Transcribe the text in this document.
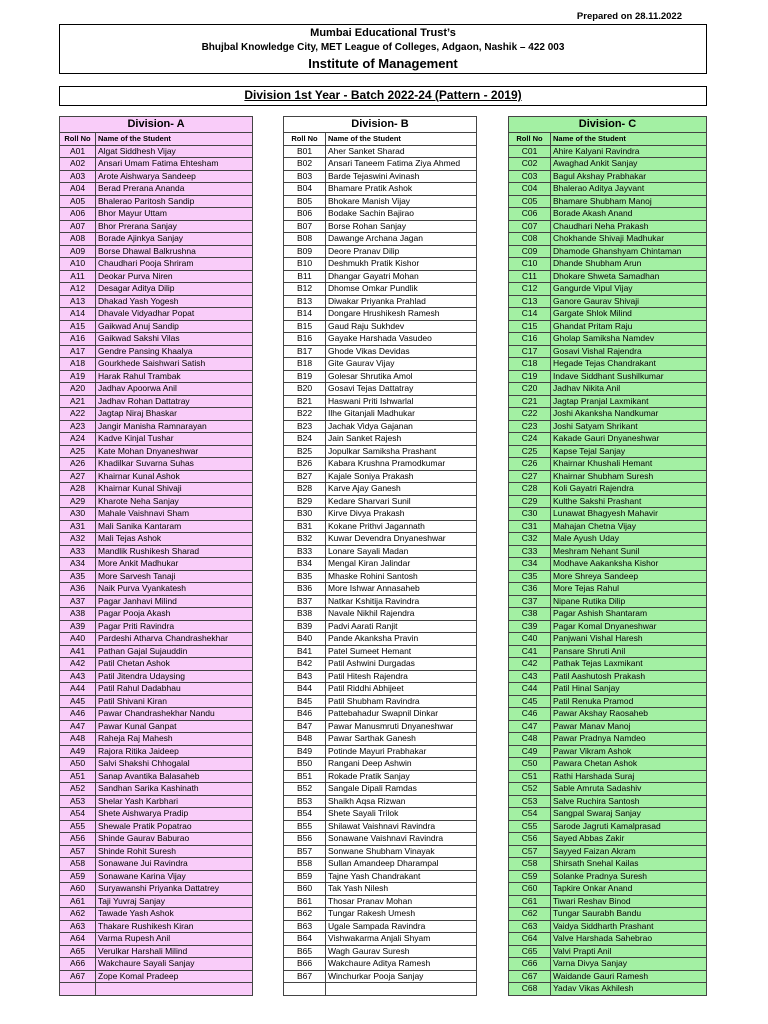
Prepared on 28.11.2022
Mumbai Educational Trust’s
Bhujbal Knowledge City, MET League of Colleges, Adgaon, Nashik – 422 003
Institute of Management
Division 1st Year - Batch 2022-24 (Pattern - 2019)
Division- A	
Roll No	Name of the Student
A01	Algat Siddhesh Vijay
A02	Ansari Umam Fatima Ehtesham
A03	Arote Aishwarya Sandeep
A04	Berad Prerana Ananda
A05	Bhalerao Paritosh Sandip
A06	Bhor Mayur Uttam
A07	Bhor Prerana Sanjay
A08	Borade Ajinkya Sanjay
A09	Borse Dhawal Balkrushna
A10	Chaudhari Pooja Shriram
A11	Deokar Purva Niren
A12	Desagar Aditya Dilip
A13	Dhakad Yash Yogesh
A14	Dhavale Vidyadhar Popat
A15	Gaikwad Anuj Sandip
A16	Gaikwad Sakshi Vilas
A17	Gendre Pansing Khaalya
A18	Gourkhede Saishwari Satish
A19	Harak Rahul Trambak
A20	Jadhav Apoorwa Anil
A21	Jadhav Rohan Dattatray
A22	Jagtap Niraj Bhaskar
A23	Jangir Manisha Ramnarayan
A24	Kadve Kinjal Tushar
A25	Kate Mohan Dnyaneshwar
A26	Khadilkar Suvarna Suhas
A27	Khairnar Kunal Ashok
A28	Khairnar Kunal Shivaji
A29	Kharote Neha Sanjay
A30	Mahale Vaishnavi Sham
A31	Mali Sanika Kantaram
A32	Mali Tejas Ashok
A33	Mandlik Rushikesh Sharad
A34	More Ankit Madhukar
A35	More Sarvesh Tanaji
A36	Naik Purva Vyankatesh
A37	Pagar Janhavi Milind
A38	Pagar Pooja Akash
A39	Pagar Priti Ravindra
A40	Pardeshi Atharva Chandrashekhar
A41	Pathan Gajal Sujauddin
A42	Patil Chetan Ashok
A43	Patil Jitendra Udaysing
A44	Patil Rahul Dadabhau
A45	Patil Shivani Kiran
A46	Pawar Chandrashekhar Nandu
A47	Pawar Kunal Ganpat
A48	Raheja Raj Mahesh
A49	Rajora Ritika Jaideep
A50	Salvi Shakshi Chhogalal
A51	Sanap Avantika Balasaheb
A52	Sandhan Sarika Kashinath
A53	Shelar Yash Karbhari
A54	Shete Aishwarya Pradip
A55	Shewale Pratik Popatrao
A56	Shinde Gaurav Baburao
A57	Shinde Rohit Suresh
A58	Sonawane Jui Ravindra
A59	Sonawane Karina Vijay
A60	Suryawanshi Priyanka Dattatrey
A61	Taji Yuvraj Sanjay
A62	Tawade Yash Ashok
A63	Thakare Rushikesh Kiran
A64	Varma Rupesh Anil
A65	Verulkar Harshali Milind
A66	Wakchaure Sayali Sanjay
A67	Zope Komal Pradeep

Division- B	
Roll No	Name of the Student
B01	Aher Sanket Sharad
B02	Ansari Taneem Fatima Ziya Ahmed
B03	Barde Tejaswini Avinash
B04	Bhamare Pratik Ashok
B05	Bhokare Manish Vijay
B06	Bodake Sachin Bajirao
B07	Borse Rohan Sanjay
B08	Dawange Archana Jagan
B09	Deore Pranav Dilip
B10	Deshmukh Pratik Kishor
B11	Dhangar Gayatri Mohan
B12	Dhomse Omkar Pundlik
B13	Diwakar Priyanka Prahlad
B14	Dongare Hrushikesh Ramesh
B15	Gaud Raju Sukhdev
B16	Gayake Harshada Vasudeo
B17	Ghode Vikas Devidas
B18	Gite Gaurav Vijay
B19	Golesar Shrutika Amol
B20	Gosavi Tejas Dattatray
B21	Haswani Priti Ishwarlal
B22	Ilhe Gitanjali Madhukar
B23	Jachak Vidya Gajanan
B24	Jain Sanket Rajesh
B25	Jopulkar Samiksha Prashant
B26	Kabara Krushna Pramodkumar
B27	Kajale Soniya Prakash
B28	Karve Ajay Ganesh
B29	Kedare Sharvari Sunil
B30	Kirve Divya Prakash
B31	Kokane Prithvi Jagannath
B32	Kuwar Devendra Dnyaneshwar
B33	Lonare Sayali Madan
B34	Mengal Kiran Jalindar
B35	Mhaske Rohini Santosh
B36	More Ishwar Annasaheb
B37	Natkar Kshitija Ravindra
B38	Navale Nikhil Rajendra
B39	Padvi Aarati Ranjit
B40	Pande Akanksha Pravin
B41	Patel Sumeet Hemant
B42	Patil Ashwini Durgadas
B43	Patil Hitesh Rajendra
B44	Patil Riddhi Abhijeet
B45	Patil Shubham Ravindra
B46	Pattebahadur Swapnil Dinkar
B47	Pawar Manusmruti Dnyaneshwar
B48	Pawar Sarthak Ganesh
B49	Potinde Mayuri Prabhakar
B50	Rangani Deep Ashwin
B51	Rokade Pratik Sanjay
B52	Sangale Dipali Ramdas
B53	Shaikh Aqsa Rizwan
B54	Shete Sayali Trilok
B55	Shilawat Vaishnavi Ravindra
B56	Sonawane Vaishnavi Ravindra
B57	Sonwane Shubham Vinayak
B58	Sullan Amandeep Dharampal
B59	Tajne Yash Chandrakant
B60	Tak Yash Nilesh
B61	Thosar Pranav Mohan
B62	Tungar Rakesh Umesh
B63	Ugale Sampada Ravindra
B64	Vishwakarma Anjali Shyam
B65	Wagh Gaurav Suresh
B66	Wakchaure Aditya Ramesh
B67	Winchurkar Pooja Sanjay

Division- C	
Roll No	Name of the Student
C01	Ahire Kalyani Ravindra
C02	Awaghad Ankit Sanjay
C03	Bagul Akshay Prabhakar
C04	Bhalerao Aditya Jayvant
C05	Bhamare Shubham Manoj
C06	Borade Akash Anand
C07	Chaudhari Neha Prakash
C08	Chokhande Shivaji Madhukar
C09	Dhamode Ghanshyam Chintaman
C10	Dhande Shubham Arun
C11	Dhokare Shweta Samadhan
C12	Gangurde Vipul Vijay
C13	Ganore Gaurav Shivaji
C14	Gargate Shlok Milind
C15	Ghandat Pritam Raju
C16	Gholap Samiksha Namdev
C17	Gosavi Vishal Rajendra
C18	Hegade Tejas Chandrakant
C19	Indave Siddhant Sushilkumar
C20	Jadhav Nikita Anil
C21	Jagtap Pranjal Laxmikant
C22	Joshi Akanksha Nandkumar
C23	Joshi Satyam Shrikant
C24	Kakade Gauri Dnyaneshwar
C25	Kapse Tejal Sanjay
C26	Khairnar Khushali Hemant
C27	Khairnar Shubham Suresh
C28	Koli Gayatri Rajendra
C29	Kulthe Sakshi Prashant
C30	Lunawat Bhagyesh Mahavir
C31	Mahajan Chetna Vijay
C32	Male Ayush Uday
C33	Meshram Nehant Sunil
C34	Modhave Aakanksha Kishor
C35	More Shreya Sandeep
C36	More Tejas Rahul
C37	Nipane Rutika Dilip
C38	Pagar Ashish Shantaram
C39	Pagar Komal Dnyaneshwar
C40	Panjwani Vishal Haresh
C41	Pansare Shruti Anil
C42	Pathak Tejas Laxmikant
C43	Patil Aashutosh Prakash
C44	Patil Hinal Sanjay
C45	Patil Renuka Pramod
C46	Pawar Akshay Raosaheb
C47	Pawar Manav Manoj
C48	Pawar Pradnya Namdeo
C49	Pawar Vikram Ashok
C50	Pawara Chetan Ashok
C51	Rathi Harshada Suraj
C52	Sable Amruta Sadashiv
C53	Salve Ruchira Santosh
C54	Sangpal Swaraj Sanjay
C55	Sarode Jagruti Kamalprasad
C56	Sayed Abbas Zakir
C57	Sayyed Faizan Akram
C58	Shirsath Snehal Kailas
C59	Solanke Pradnya Suresh
C60	Tapkire Onkar Anand
C61	Tiwari Reshav Binod
C62	Tungar Saurabh Bandu
C63	Vaidya Siddharth Prashant
C64	Valve Harshada Sahebrao
C65	Valvi Prapti Anil
C66	Varna Divya Sanjay
C67	Waidande Gauri Ramesh
C68	Yadav Vikas Akhilesh
